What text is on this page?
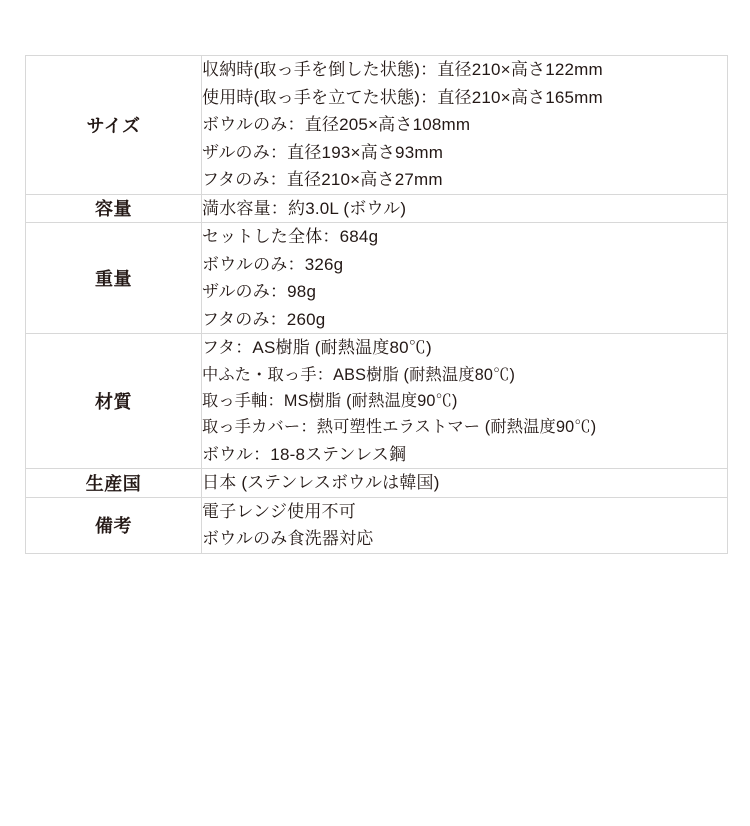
サイズ	収納時(取っ手を倒した状態)：直径210×高さ122mm
使用時(取っ手を立てた状態)：直径210×高さ165mm
ボウルのみ：直径205×高さ108mm
ザルのみ：直径193×高さ93mm
フタのみ：直径210×高さ27mm

容量	満水容量：約3.0L (ボウル)

重量	セットした全体：684g
ボウルのみ：326g
ザルのみ：98g
フタのみ：260g

材質	フタ：AS樹脂 (耐熱温度80℃)
中ふた・取っ手：ABS樹脂 (耐熱温度80℃)
取っ手軸：MS樹脂 (耐熱温度90℃)
取っ手カバー：熱可塑性エラストマー (耐熱温度90℃)
ボウル：18-8ステンレス鋼

生産国	日本 (ステンレスボウルは韓国)

備考	電子レンジ使用不可
ボウルのみ食洗器対応
